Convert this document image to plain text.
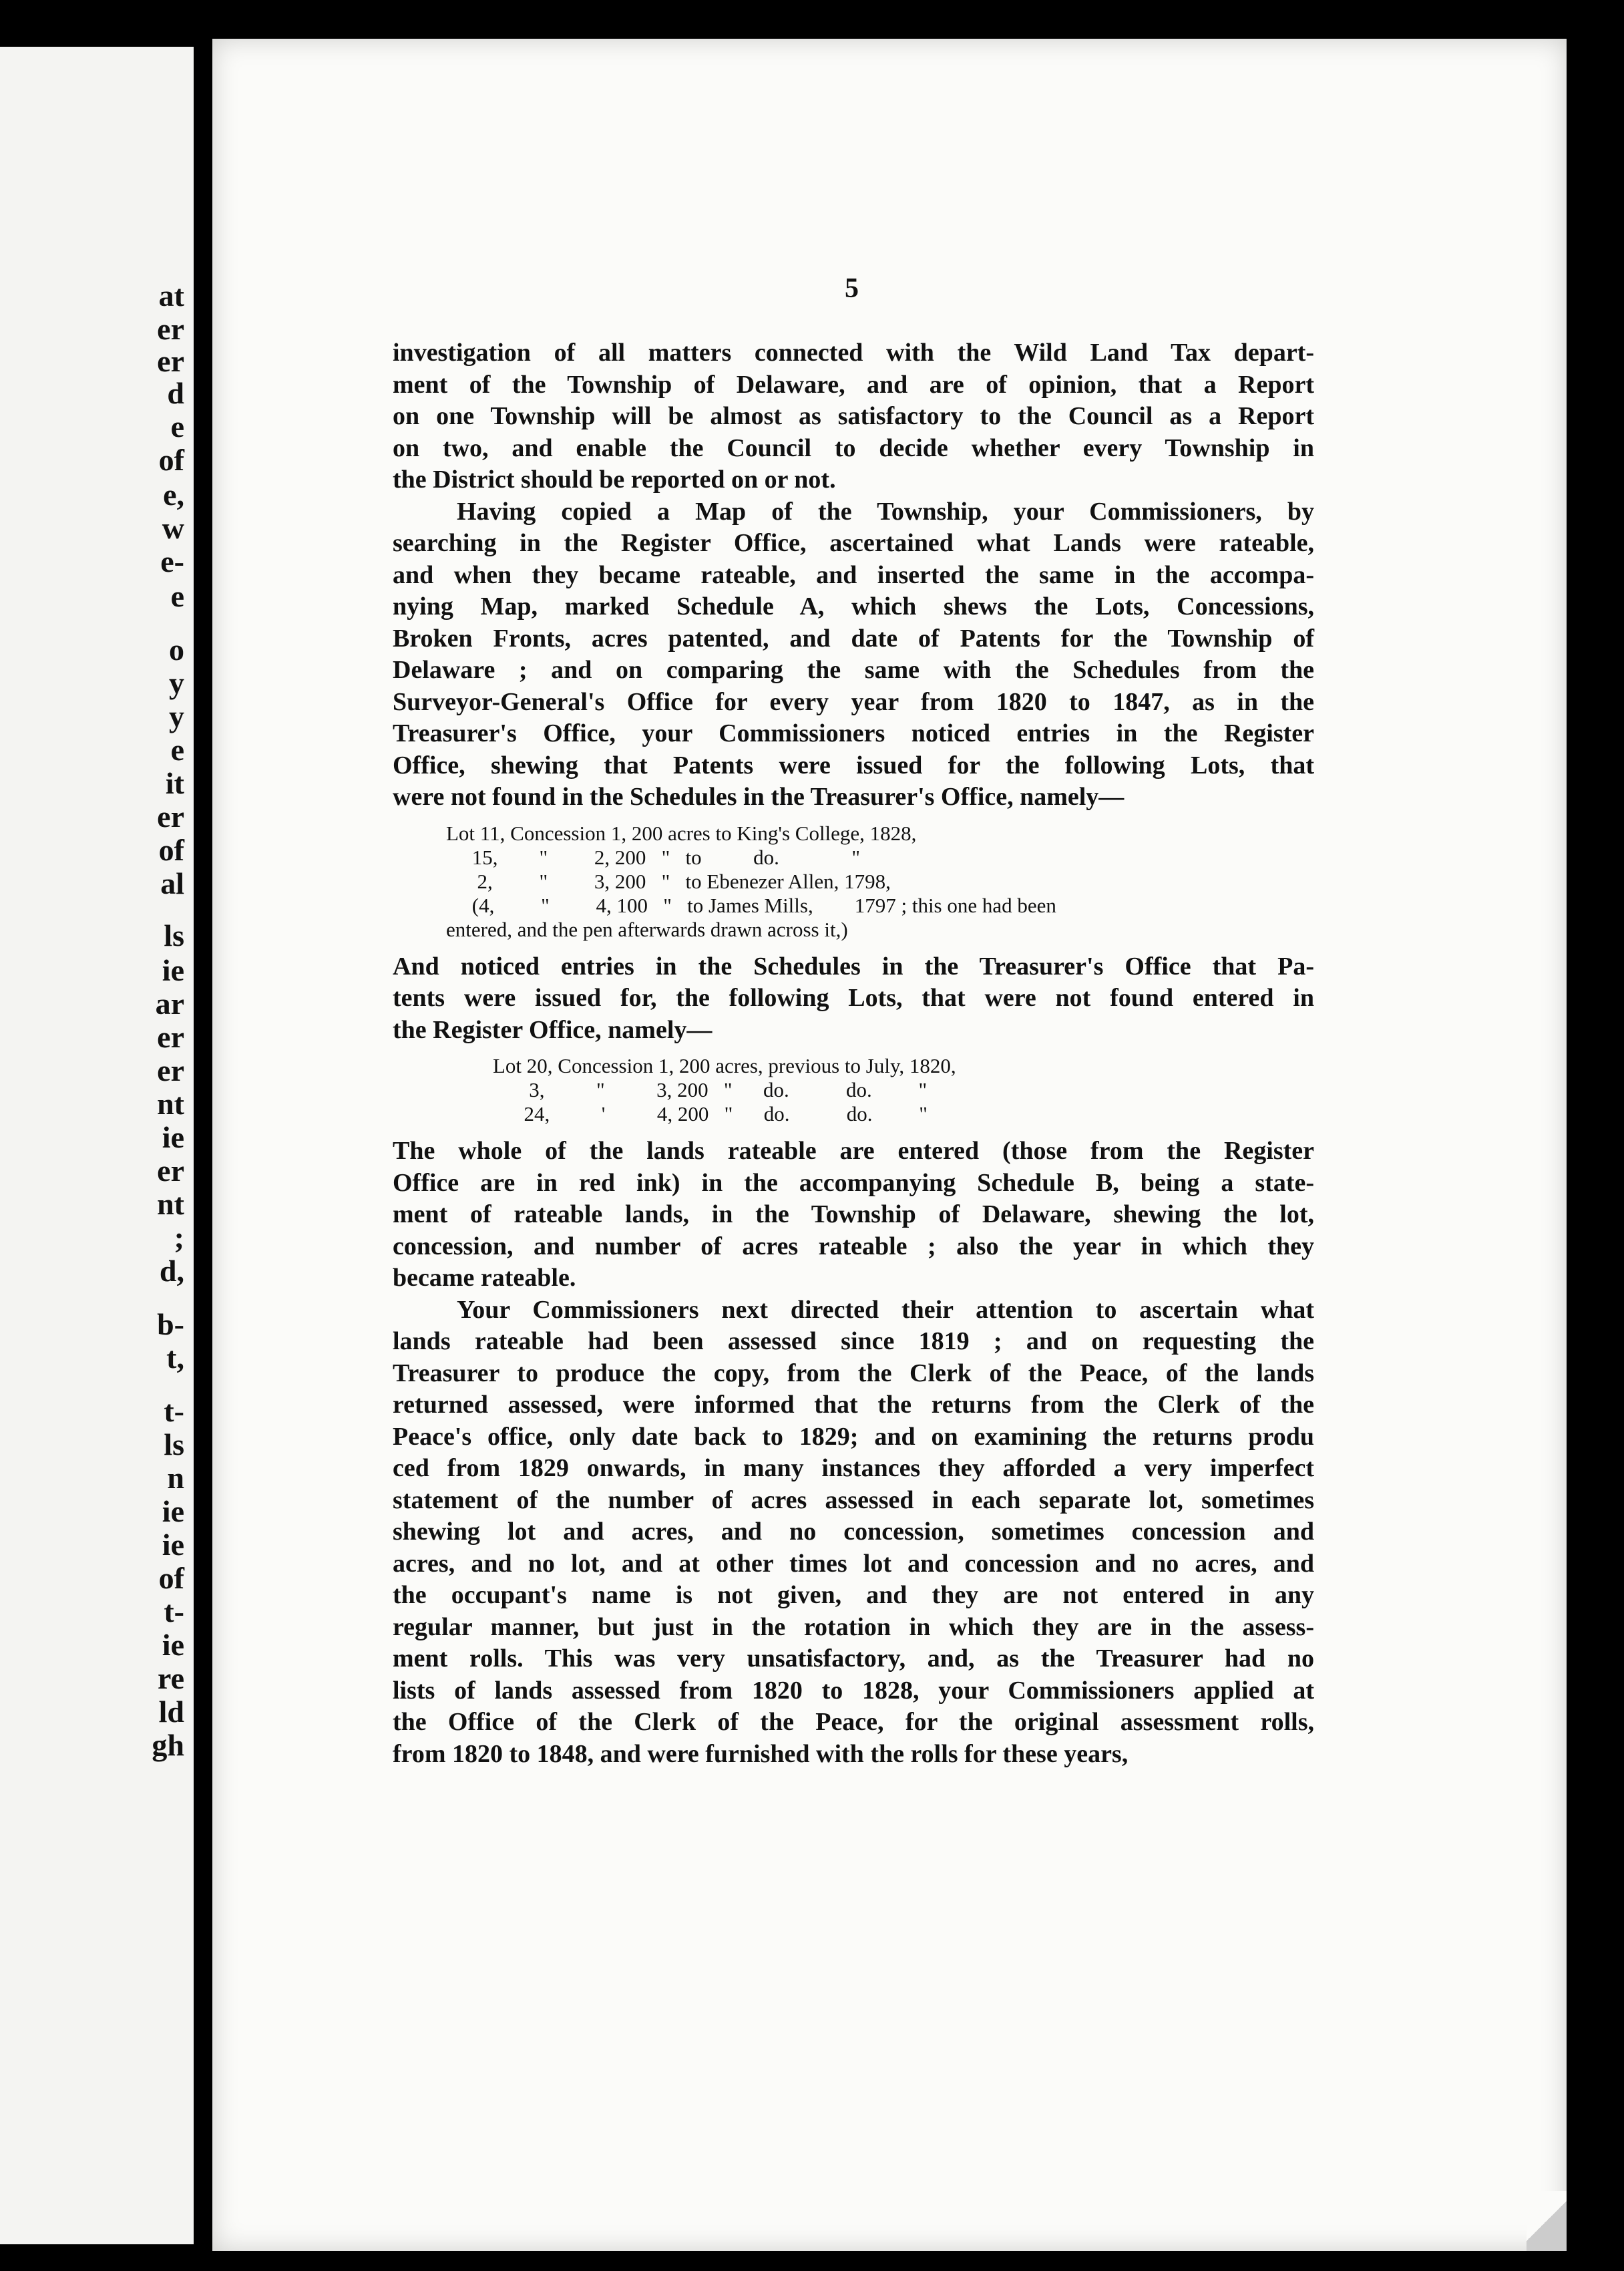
at
er
er
d
e
of
e,
w
e-
e
o
y
y
e
it
er
of
al
ls
ie
ar
er
er
nt
ie
er
nt
;
d,
b-
t,
t-
ls
n
ie
ie
of
t-
ie
re
ld
gh
5

investigation of all matters connected with the Wild Land Tax depart-

ment of the Township of Delaware, and are of opinion, that a Report

on one Township will be almost as satisfactory to the Council as a Report

on two, and enable the Council to decide whether every Township in

the District should be reported on or not.

Having copied a Map of the Township, your Commissioners, by

searching in the Register Office, ascertained what Lands were rateable,

and when they became rateable, and inserted the same in the accompa-

nying Map, marked Schedule A, which shews the Lots, Concessions,

Broken Fronts, acres patented, and date of Patents for the Township of

Delaware ; and on comparing the same with the Schedules from the

Surveyor-General's Office for every year from 1820 to 1847, as in the

Treasurer's Office, your Commissioners noticed entries in the Register

Office, shewing that Patents were issued for the following Lots, that

were not found in the Schedules in the Treasurer's Office, namely—

Lot 11, Concession 1, 200 acres to King's College, 1828,
15,        "         2, 200   "   to          do.              "
2,         "         3, 200   "   to Ebenezer Allen, 1798,
(4,         "         4, 100   "   to James Mills,        1797 ; this one had been
entered, and the pen afterwards drawn across it,)

And noticed entries in the Schedules in the Treasurer's Office that Pa-

tents were issued for, the following Lots, that were not found entered in

the Register Office, namely—

Lot 20, Concession 1, 200 acres, previous to July, 1820,
3,          "          3, 200   "      do.           do.         "
24,          '          4, 200   "      do.           do.         "

The whole of the lands rateable are entered (those from the Register

Office are in red ink) in the accompanying Schedule B, being a state-

ment of rateable lands, in the Township of Delaware, shewing the lot,

concession, and number of acres rateable ; also the year in which they

became rateable.

Your Commissioners next directed their attention to ascertain what

lands rateable had been assessed since 1819 ; and on requesting the

Treasurer to produce the copy, from the Clerk of the Peace, of the lands

returned assessed, were informed that the returns from the Clerk of the

Peace's office, only date back to 1829; and on examining the returns produ

ced from 1829 onwards, in many instances they afforded a very imperfect

statement of the number of acres assessed in each separate lot, sometimes

shewing lot and acres, and no concession, sometimes concession and

acres, and no lot, and at other times lot and concession and no acres, and

the occupant's name is not given, and they are not entered in any

regular manner, but just in the rotation in which they are in the assess-

ment rolls. This was very unsatisfactory, and, as the Treasurer had no

lists of lands assessed from 1820 to 1828, your Commissioners applied at

the Office of the Clerk of the Peace, for the original assessment rolls,

from 1820 to 1848, and were furnished with the rolls for these years,
